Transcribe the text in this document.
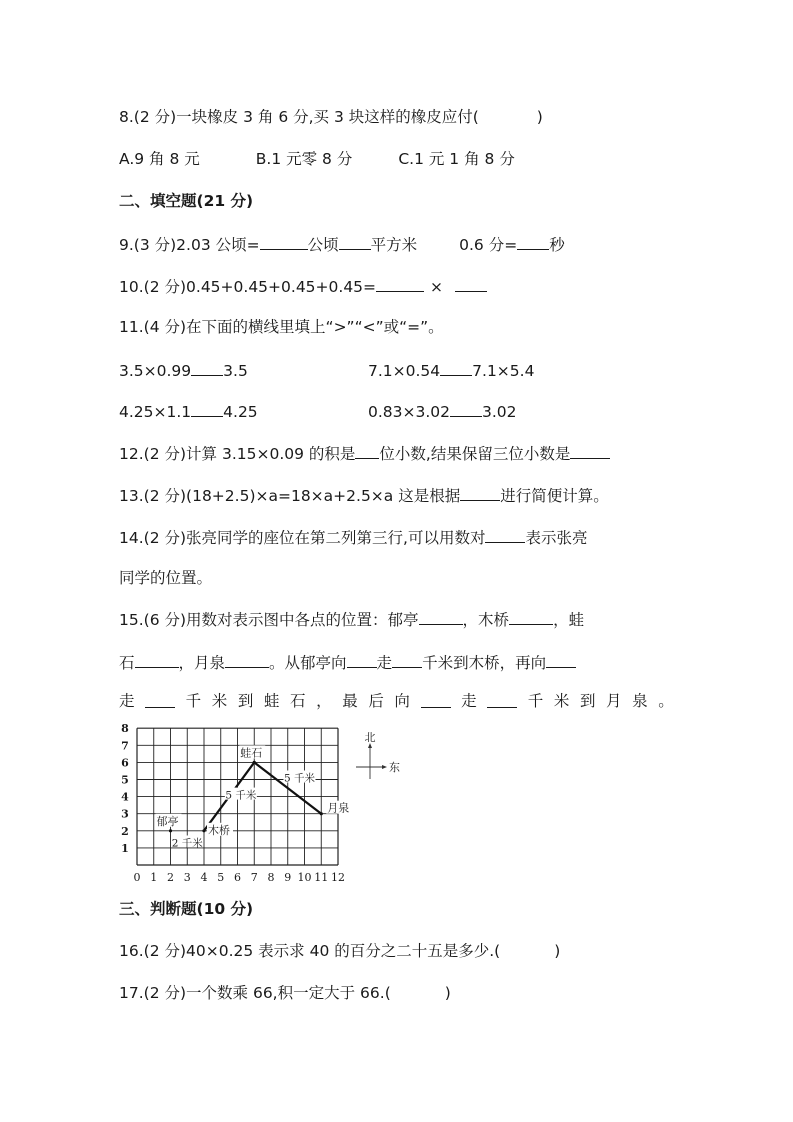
8.(2 分)一块橡皮 3 角 6 分,买 3 块这样的橡皮应付(	)
A.9 角 8 元	B.1 元零 8 分	C.1 元 1 角 8 分
二、填空题(21 分)
9.(3 分)2.03 公顷=	公顷 平方米	0.6 分= 秒
10.(2 分)0.45+0.45+0.45+0.45=	×
11.(4 分)在下面的横线里填上“>”“<”或“=”。
3.5×0.99 3.5	7.1×0.54 7.1×5.4
4.25×1.1 4.25	0.83×3.02 3.02
12.(2 分)计算 3.15×0.09 的积是 位小数,结果保留三位小数是
13.(2 分)(18+2.5)×a=18×a+2.5×a 这是根据	进行简便计算。
14.(2 分)张亮同学的座位在第二列第三行,可以用数对	表示张亮
同学的位置。
15.(6 分)用数对表示图中各点的位置：郁亭	，木桥	，蛙
石	，月泉	。从郁亭向 走 千米到木桥，再向
走	千 米 到 蛙 石 ， 最 后 向	走	千 米 到 月 泉 。
0 1 2 3 4 5 6 7 8 9 10 11 12
1
2
3
4
5
6
7
8
郁亭
木桥
蛙石
月泉
2 千米
5 千米
5 千米
北
东
三、判断题(10 分)
16.(2 分)40×0.25 表示求 40 的百分之二十五是多少.(	)
17.(2 分)一个数乘 66,积一定大于 66.(	)
